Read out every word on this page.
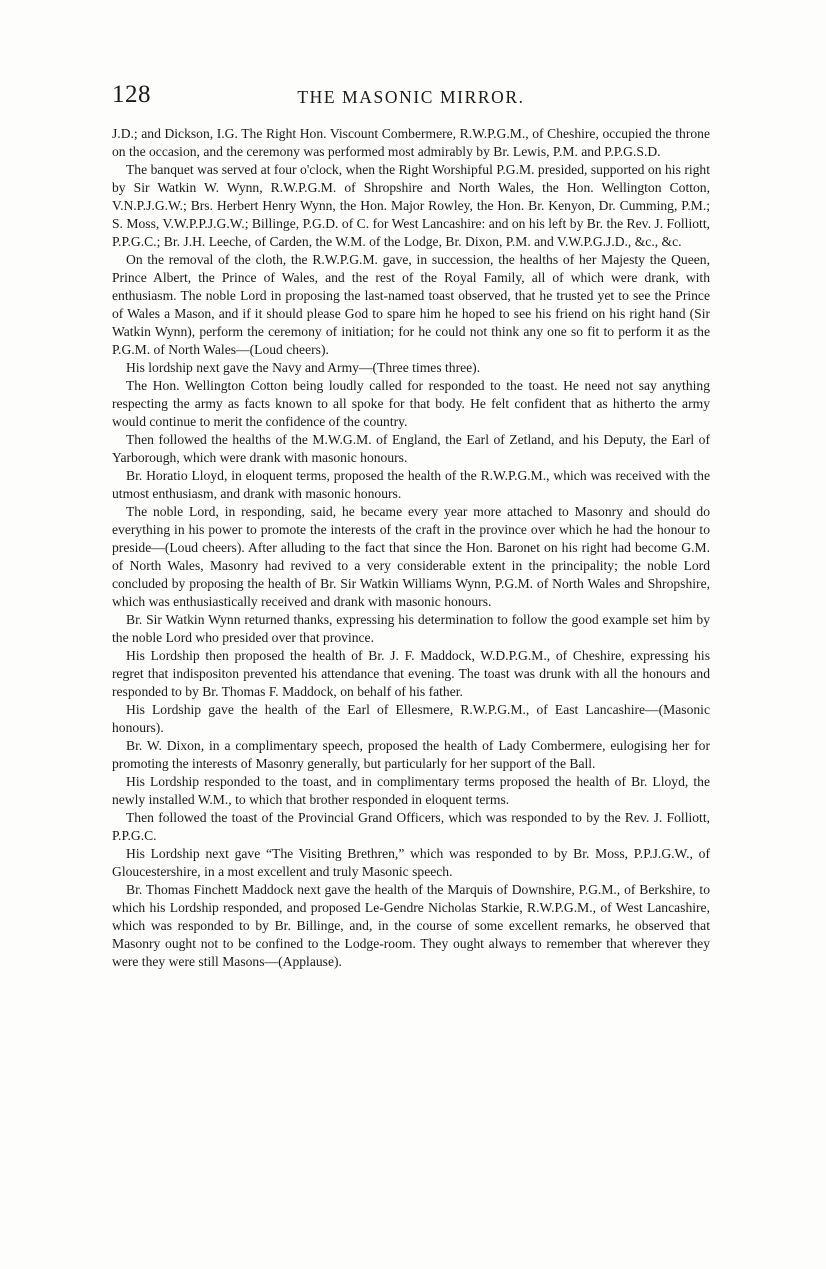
128	THE MASONIC MIRROR.

J.D.; and Dickson, I.G. The Right Hon. Viscount Combermere, R.W.P.G.M., of Cheshire, occupied the throne on the occasion, and the ceremony was performed most admirably by Br. Lewis, P.M. and P.P.G.S.D.

The banquet was served at four o'clock, when the Right Worshipful P.G.M. presided, supported on his right by Sir Watkin W. Wynn, R.W.P.G.M. of Shropshire and North Wales, the Hon. Wellington Cotton, V.N.P.J.G.W.; Brs. Herbert Henry Wynn, the Hon. Major Rowley, the Hon. Br. Kenyon, Dr. Cumming, P.M.; S. Moss, V.W.P.P.J.G.W.; Billinge, P.G.D. of C. for West Lancashire: and on his left by Br. the Rev. J. Folliott, P.P.G.C.; Br. J.H. Leeche, of Carden, the W.M. of the Lodge, Br. Dixon, P.M. and V.W.P.G.J.D., &c., &c.

On the removal of the cloth, the R.W.P.G.M. gave, in succession, the healths of her Majesty the Queen, Prince Albert, the Prince of Wales, and the rest of the Royal Family, all of which were drank, with enthusiasm. The noble Lord in proposing the last-named toast observed, that he trusted yet to see the Prince of Wales a Mason, and if it should please God to spare him he hoped to see his friend on his right hand (Sir Watkin Wynn), perform the ceremony of initiation; for he could not think any one so fit to perform it as the P.G.M. of North Wales—(Loud cheers).

His lordship next gave the Navy and Army—(Three times three).

The Hon. Wellington Cotton being loudly called for responded to the toast. He need not say anything respecting the army as facts known to all spoke for that body. He felt confident that as hitherto the army would continue to merit the confidence of the country.

Then followed the healths of the M.W.G.M. of England, the Earl of Zetland, and his Deputy, the Earl of Yarborough, which were drank with masonic honours.

Br. Horatio Lloyd, in eloquent terms, proposed the health of the R.W.P.G.M., which was received with the utmost enthusiasm, and drank with masonic honours.

The noble Lord, in responding, said, he became every year more attached to Masonry and should do everything in his power to promote the interests of the craft in the province over which he had the honour to preside—(Loud cheers). After alluding to the fact that since the Hon. Baronet on his right had become G.M. of North Wales, Masonry had revived to a very considerable extent in the principality; the noble Lord concluded by proposing the health of Br. Sir Watkin Williams Wynn, P.G.M. of North Wales and Shropshire, which was enthusiastically received and drank with masonic honours.

Br. Sir Watkin Wynn returned thanks, expressing his determination to follow the good example set him by the noble Lord who presided over that province.

His Lordship then proposed the health of Br. J. F. Maddock, W.D.P.G.M., of Cheshire, expressing his regret that indispositon prevented his attendance that evening. The toast was drunk with all the honours and responded to by Br. Thomas F. Maddock, on behalf of his father.

His Lordship gave the health of the Earl of Ellesmere, R.W.P.G.M., of East Lancashire—(Masonic honours).

Br. W. Dixon, in a complimentary speech, proposed the health of Lady Combermere, eulogising her for promoting the interests of Masonry generally, but particularly for her support of the Ball.

His Lordship responded to the toast, and in complimentary terms proposed the health of Br. Lloyd, the newly installed W.M., to which that brother responded in eloquent terms.

Then followed the toast of the Provincial Grand Officers, which was responded to by the Rev. J. Folliott, P.P.G.C.

His Lordship next gave “The Visiting Brethren,” which was responded to by Br. Moss, P.P.J.G.W., of Gloucestershire, in a most excellent and truly Masonic speech.

Br. Thomas Finchett Maddock next gave the health of the Marquis of Downshire, P.G.M., of Berkshire, to which his Lordship responded, and proposed Le-Gendre Nicholas Starkie, R.W.P.G.M., of West Lancashire, which was responded to by Br. Billinge, and, in the course of some excellent remarks, he observed that Masonry ought not to be confined to the Lodge-room. They ought always to remember that wherever they were they were still Masons—(Applause).
